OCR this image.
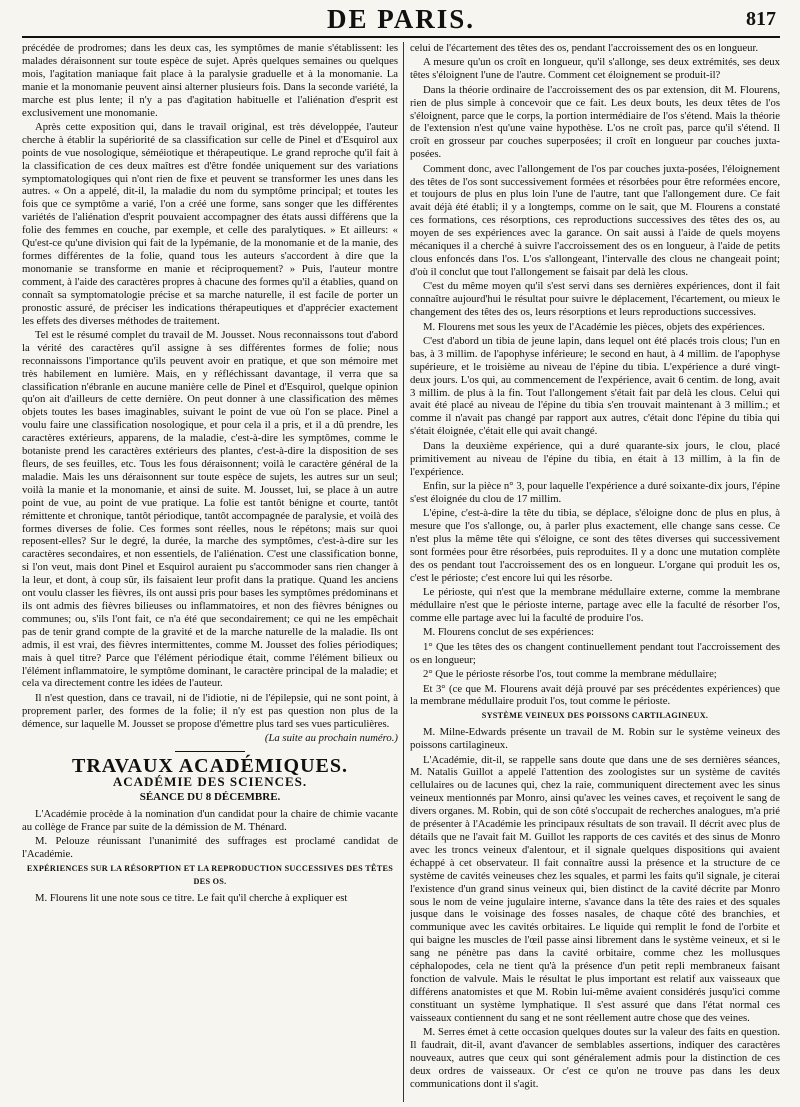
DE PARIS.	817

précédée de prodromes; dans les deux cas, les symptômes de manie s'établissent: les malades déraisonnent sur toute espèce de sujet. Après quelques semaines ou quelques mois, l'agitation maniaque fait place à la paralysie graduelle et à la monomanie. La manie et la monomanie peuvent ainsi alterner plusieurs fois. Dans la seconde variété, la marche est plus lente; il n'y a pas d'agitation habituelle et l'aliénation d'esprit est exclusivement une monomanie.

Après cette exposition qui, dans le travail original, est très développée, l'auteur cherche à établir la supériorité de sa classification sur celle de Pinel et d'Esquirol aux points de vue nosologique, séméiotique et thérapeutique. Le grand reproche qu'il fait à la classification de ces deux maîtres est d'être fondée uniquement sur des variations symptomatologiques qui n'ont rien de fixe et peuvent se transformer les unes dans les autres. « On a appelé, dit-il, la maladie du nom du symptôme principal; et toutes les fois que ce symptôme a varié, l'on a créé une forme, sans songer que les différentes variétés de l'aliénation d'esprit pouvaient accompagner des états aussi différens que la folie des femmes en couche, par exemple, et celle des paralytiques. » Et ailleurs: « Qu'est-ce qu'une division qui fait de la lypémanie, de la monomanie et de la manie, des formes différentes de la folie, quand tous les auteurs s'accordent à dire que la monomanie se transforme en manie et réciproquement? » Puis, l'auteur montre comment, à l'aide des caractères propres à chacune des formes qu'il a établies, quand on connaît sa symptomatologie précise et sa marche naturelle, il est facile de porter un pronostic assuré, de préciser les indications thérapeutiques et d'apprécier exactement les effets des diverses méthodes de traitement.

Tel est le résumé complet du travail de M. Jousset. Nous reconnaissons tout d'abord la vérité des caractères qu'il assigne à ses différentes formes de folie; nous reconnaissons l'importance qu'ils peuvent avoir en pratique, et que son mémoire met très habilement en lumière. Mais, en y réfléchissant davantage, il verra que sa classification n'ébranle en aucune manière celle de Pinel et d'Esquirol, quelque opinion qu'on ait d'ailleurs de cette dernière. On peut donner à une classification des mêmes objets toutes les bases imaginables, suivant le point de vue où l'on se place. Pinel a voulu faire une classification nosologique, et pour cela il a pris, et il a dû prendre, les caractères extérieurs, apparens, de la maladie, c'est-à-dire les symptômes, comme le botaniste prend les caractères extérieurs des plantes, c'est-à-dire la disposition de ses fleurs, de ses feuilles, etc. Tous les fous déraisonnent; voilà le caractère général de la maladie. Mais les uns déraisonnent sur toute espèce de sujets, les autres sur un seul; voilà la manie et la monomanie, et ainsi de suite. M. Jousset, lui, se place à un autre point de vue, au point de vue pratique. La folie est tantôt bénigne et courte, tantôt rémittente et chronique, tantôt périodique, tantôt accompagnée de paralysie, et voilà des formes diverses de folie. Ces formes sont réelles, nous le répétons; mais sur quoi reposent-elles? Sur le degré, la durée, la marche des symptômes, c'est-à-dire sur les caractères secondaires, et non essentiels, de l'aliénation. C'est une classification bonne, si l'on veut, mais dont Pinel et Esquirol auraient pu s'accommoder sans rien changer à la leur, et dont, à coup sûr, ils faisaient leur profit dans la pratique. Quand les anciens ont voulu classer les fièvres, ils ont aussi pris pour bases les symptômes prédominans et ils ont admis des fièvres bilieuses ou inflammatoires, et non des fièvres bénignes ou communes; ou, s'ils l'ont fait, ce n'a été que secondairement; ce qui ne les empêchait pas de tenir grand compte de la gravité et de la marche naturelle de la maladie. Ils ont admis, il est vrai, des fièvres intermittentes, comme M. Jousset des folies périodiques; mais à quel titre? Parce que l'élément périodique était, comme l'élément bilieux ou l'élément inflammatoire, le symptôme dominant, le caractère principal de la maladie; et cela va directement contre les idées de l'auteur.

Il n'est question, dans ce travail, ni de l'idiotie, ni de l'épilepsie, qui ne sont point, à proprement parler, des formes de la folie; il n'y est pas question non plus de la démence, sur laquelle M. Jousset se propose d'émettre plus tard ses vues particulières.

(La suite au prochain numéro.)

TRAVAUX ACADÉMIQUES.
ACADÉMIE DES SCIENCES.
SÉANCE DU 8 DÉCEMBRE.

L'Académie procède à la nomination d'un candidat pour la chaire de chimie vacante au collège de France par suite de la démission de M. Thénard.

M. Pelouze réunissant l'unanimité des suffrages est proclamé candidat de l'Académie.

EXPÉRIENCES SUR LA RÉSORPTION ET LA REPRODUCTION SUCCESSIVES DES TÊTES DES OS.

M. Flourens lit une note sous ce titre. Le fait qu'il cherche à expliquer est

celui de l'écartement des têtes des os, pendant l'accroissement des os en longueur.

A mesure qu'un os croît en longueur, qu'il s'allonge, ses deux extrémités, ses deux têtes s'éloignent l'une de l'autre. Comment cet éloignement se produit-il?

Dans la théorie ordinaire de l'accroissement des os par extension, dit M. Flourens, rien de plus simple à concevoir que ce fait. Les deux bouts, les deux têtes de l'os s'éloignent, parce que le corps, la portion intermédiaire de l'os s'étend. Mais la théorie de l'extension n'est qu'une vaine hypothèse. L'os ne croît pas, parce qu'il s'étend. Il croît en grosseur par couches superposées; il croît en longueur par couches juxta-posées.

Comment donc, avec l'allongement de l'os par couches juxta-posées, l'éloignement des têtes de l'os sont successivement formées et résorbées pour être reformées encore, et toujours de plus en plus loin l'une de l'autre, tant que l'allongement dure. Ce fait avait déjà été établi; il y a longtemps, comme on le sait, que M. Flourens a constaté ces formations, ces résorptions, ces reproductions successives des têtes des os, au moyen de ses expériences avec la garance. On sait aussi à l'aide de quels moyens mécaniques il a cherché à suivre l'accroissement des os en longueur, à l'aide de petits clous enfoncés dans l'os. L'os s'allongeant, l'intervalle des clous ne changeait point; d'où il conclut que tout l'allongement se faisait par delà les clous.

C'est du même moyen qu'il s'est servi dans ses dernières expériences, dont il fait connaître aujourd'hui le résultat pour suivre le déplacement, l'écartement, ou mieux le changement des têtes des os, leurs résorptions et leurs reproductions successives.

M. Flourens met sous les yeux de l'Académie les pièces, objets des expériences.

C'est d'abord un tibia de jeune lapin, dans lequel ont été placés trois clous; l'un en bas, à 3 millim. de l'apophyse inférieure; le second en haut, à 4 millim. de l'apophyse supérieure, et le troisième au niveau de l'épine du tibia. L'expérience a duré vingt-deux jours. L'os qui, au commencement de l'expérience, avait 6 centim. de long, avait 3 millim. de plus à la fin. Tout l'allongement s'était fait par delà les clous. Celui qui avait été placé au niveau de l'épine du tibia s'en trouvait maintenant à 3 millim.; et comme il n'avait pas changé par rapport aux autres, c'était donc l'épine du tibia qui s'était éloignée, c'était elle qui avait changé.

Dans la deuxième expérience, qui a duré quarante-six jours, le clou, placé primitivement au niveau de l'épine du tibia, en était à 13 millim, à la fin de l'expérience.

Enfin, sur la pièce n° 3, pour laquelle l'expérience a duré soixante-dix jours, l'épine s'est éloignée du clou de 17 millim.

L'épine, c'est-à-dire la tête du tibia, se déplace, s'éloigne donc de plus en plus, à mesure que l'os s'allonge, ou, à parler plus exactement, elle change sans cesse. Ce n'est plus la même tête qui s'éloigne, ce sont des têtes diverses qui successivement sont formées pour être résorbées, puis reproduites. Il y a donc une mutation complète des os pendant tout l'accroissement des os en longueur. L'organe qui produit les os, c'est le périoste; c'est encore lui qui les résorbe.

Le périoste, qui n'est que la membrane médullaire externe, comme la membrane médullaire n'est que le périoste interne, partage avec elle la faculté de résorber l'os, comme elle partage avec lui la faculté de produire l'os.

M. Flourens conclut de ses expériences:

1° Que les têtes des os changent continuellement pendant tout l'accroissement des os en longueur;

2° Que le périoste résorbe l'os, tout comme la membrane médullaire;

Et 3° (ce que M. Flourens avait déjà prouvé par ses précédentes expériences) que la membrane médullaire produit l'os, tout comme le périoste.

SYSTÈME VEINEUX DES POISSONS CARTILAGINEUX.

M. Milne-Edwards présente un travail de M. Robin sur le système veineux des poissons cartilagineux.

L'Académie, dit-il, se rappelle sans doute que dans une de ses dernières séances, M. Natalis Guillot a appelé l'attention des zoologistes sur un système de cavités cellulaires ou de lacunes qui, chez la raie, communiquent directement avec les sinus veineux mentionnés par Monro, ainsi qu'avec les veines caves, et reçoivent le sang de divers organes. M. Robin, qui de son côté s'occupait de recherches analogues, m'a prié de présenter à l'Académie les principaux résultats de son travail. Il décrit avec plus de détails que ne l'avait fait M. Guillot les rapports de ces cavités et des sinus de Monro avec les troncs veineux d'alentour, et il signale quelques dispositions qui avaient échappé à cet observateur. Il fait connaître aussi la présence et la structure de ce système de cavités veineuses chez les squales, et parmi les faits qu'il signale, je citerai l'existence d'un grand sinus veineux qui, bien distinct de la cavité décrite par Monro sous le nom de veine jugulaire interne, s'avance dans la tête des raies et des squales jusque dans le voisinage des fosses nasales, de chaque côté des branchies, et communique avec les cavités orbitaires. Le liquide qui remplit le fond de l'orbite et qui baigne les muscles de l'œil passe ainsi librement dans le système veineux, et si le sang ne pénètre pas dans la cavité orbitaire, comme chez les mollusques céphalopodes, cela ne tient qu'à la présence d'un petit repli membraneux faisant fonction de valvule. Mais le résultat le plus important est relatif aux vaisseaux que différens anatomistes et que M. Robin lui-même avaient considérés jusqu'ici comme constituant un système lymphatique. Il s'est assuré que dans l'état normal ces vaisseaux contiennent du sang et ne sont réellement autre chose que des veines.

M. Serres émet à cette occasion quelques doutes sur la valeur des faits en question. Il faudrait, dit-il, avant d'avancer de semblables assertions, indiquer des caractères nouveaux, autres que ceux qui sont généralement admis pour la distinction de ces deux ordres de vaisseaux. Or c'est ce qu'on ne trouve pas dans les deux communications dont il s'agit.
